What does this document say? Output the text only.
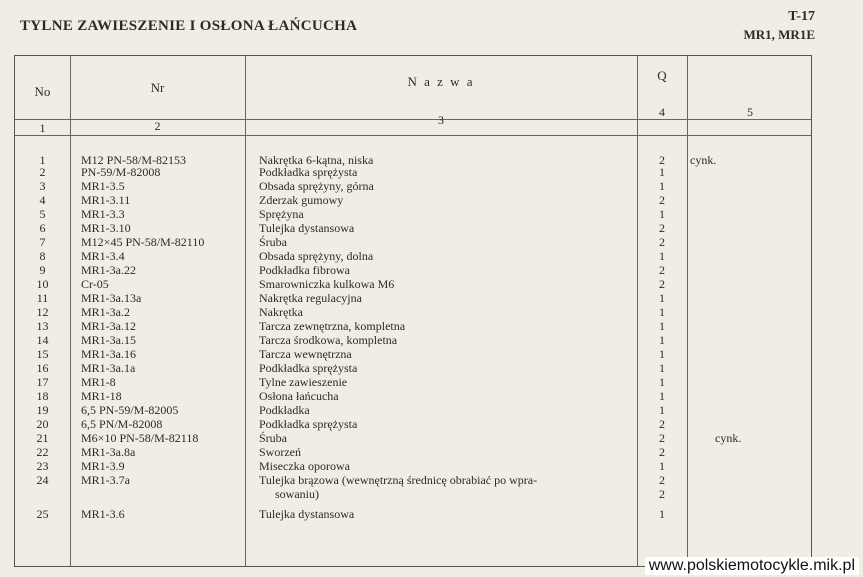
TYLNE ZAWIESZENIE I OSŁONA ŁAŃCUCHA
T-17
MR1, MR1E
No	Nr	N a z w a	Q
1	2	3
4	5
1	M12 PN-58/M-82153	Nakrętka 6-kątna, niska	2	cynk.
2	PN-59/M-82008	Podkładka sprężysta	1
3	MR1-3.5	Obsada sprężyny, górna	1
4	MR1-3.11	Zderzak gumowy	2
5	MR1-3.3	Sprężyna	1
6	MR1-3.10	Tulejka dystansowa	2
7	M12×45 PN-58/M-82110	Śruba	2
8	MR1-3.4	Obsada sprężyny, dolna	1
9	MR1-3a.22	Podkładka fibrowa	2
10	Cr-05	Smarowniczka kulkowa M6	2
11	MR1-3a.13a	Nakrętka regulacyjna	1
12	MR1-3a.2	Nakrętka	1
13	MR1-3a.12	Tarcza zewnętrzna, kompletna	1
14	MR1-3a.15	Tarcza środkowa, kompletna	1
15	MR1-3a.16	Tarcza wewnętrzna	1
16	MR1-3a.1a	Podkładka sprężysta	1
17	MR1-8	Tylne zawieszenie	1
18	MR1-18	Osłona łańcucha	1
19	6,5 PN-59/M-82005	Podkładka	1
20	6,5 PN/M-82008	Podkładka sprężysta	2
21	M6×10 PN-58/M-82118	Śruba	2	cynk.
22	MR1-3a.8a	Sworzeń	2
23	MR1-3.9	Miseczka oporowa	1
24	MR1-3.7a	Tulejka brązowa (wewnętrzną średnicę obrabiać po wpra-	2
sowaniu)	2
25	MR1-3.6	Tulejka dystansowa	1
www.polskiemotocykle.mik.pl
